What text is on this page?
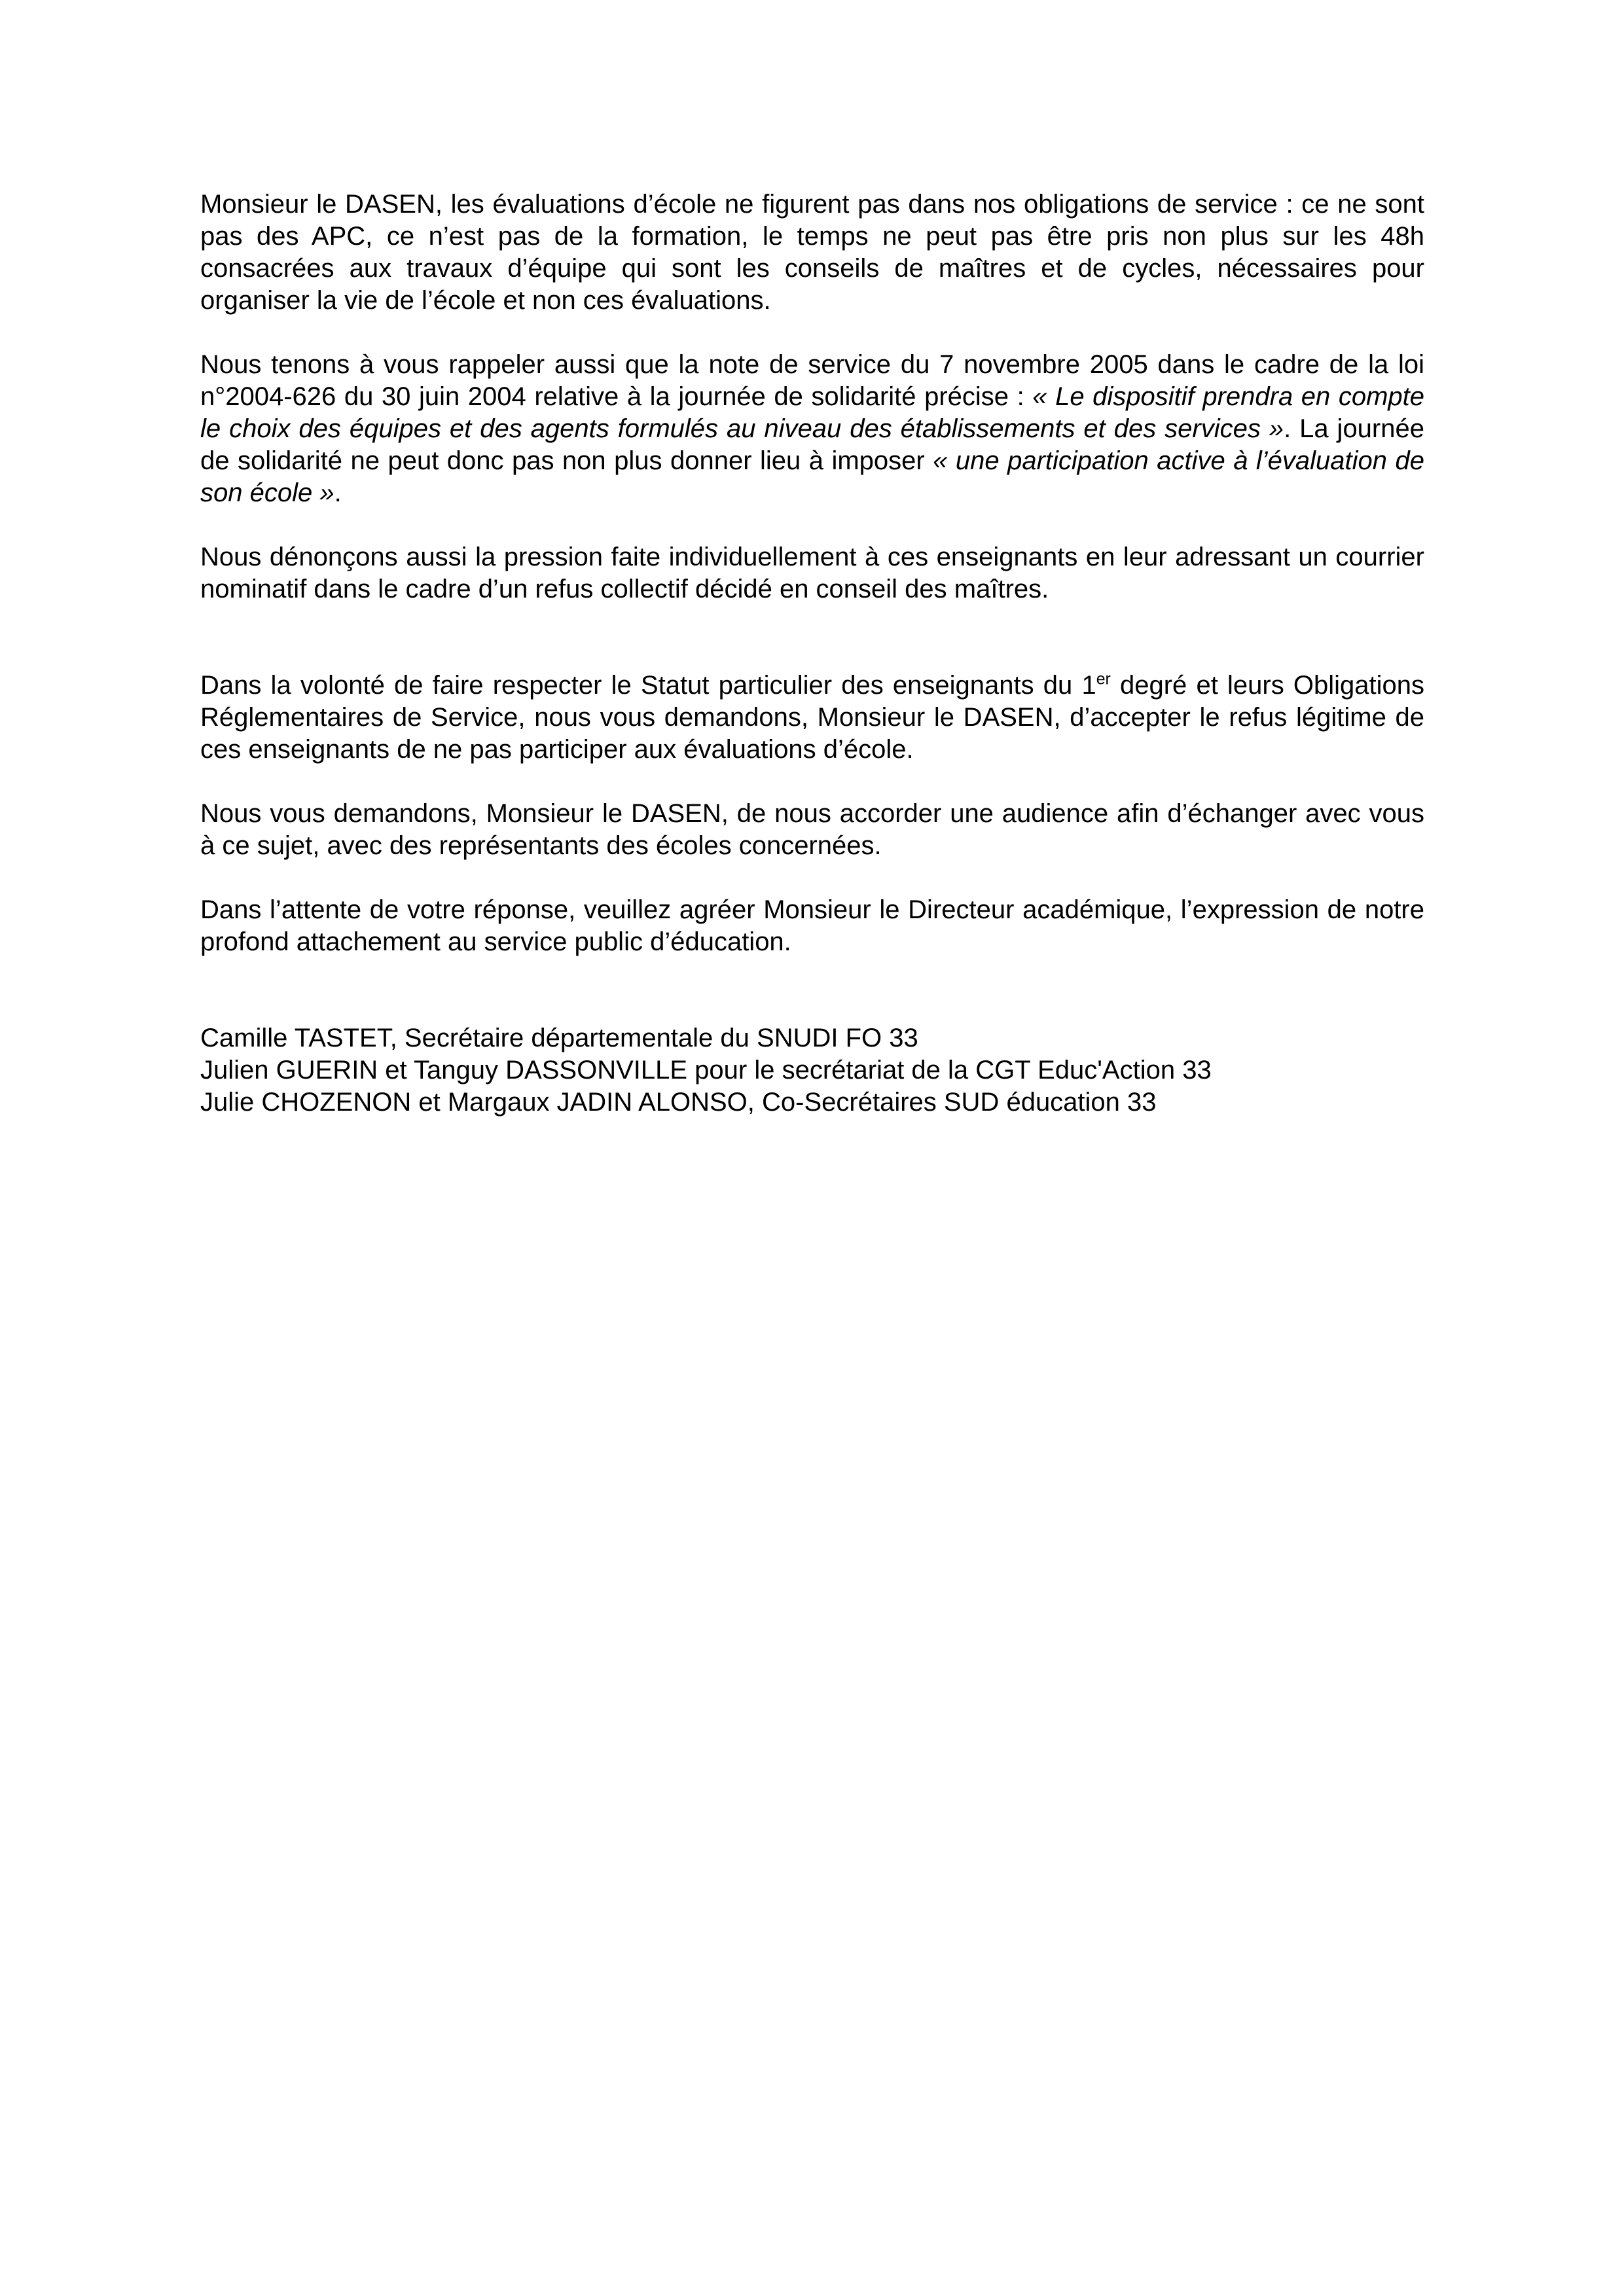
Monsieur le DASEN, les évaluations d’école ne figurent pas dans nos obligations de service : ce ne sont pas des APC, ce n’est pas de la formation, le temps ne peut pas être pris non plus sur les 48h consacrées aux travaux d’équipe qui sont les conseils de maîtres et de cycles, nécessaires pour organiser la vie de l’école et non ces évaluations.

Nous tenons à vous rappeler aussi que la note de service du 7 novembre 2005 dans le cadre de la loi n°2004-626 du 30 juin 2004 relative à la journée de solidarité précise : « Le dispositif prendra en compte le choix des équipes et des agents formulés au niveau des établissements et des services ». La journée de solidarité ne peut donc pas non plus donner lieu à imposer « une participation active à l’évaluation de son école ».

Nous dénonçons aussi la pression faite individuellement à ces enseignants en leur adressant un courrier nominatif dans le cadre d’un refus collectif décidé en conseil des maîtres.

Dans la volonté de faire respecter le Statut particulier des enseignants du 1er degré et leurs Obligations Réglementaires de Service, nous vous demandons, Monsieur le DASEN, d’accepter le refus légitime de ces enseignants de ne pas participer aux évaluations d’école.

Nous vous demandons, Monsieur le DASEN, de nous accorder une audience afin d’échanger avec vous à ce sujet, avec des représentants des écoles concernées.

Dans l’attente de votre réponse, veuillez agréer Monsieur le Directeur académique, l’expression de notre profond attachement au service public d’éducation.

Camille TASTET, Secrétaire départementale du SNUDI FO 33

Julien GUERIN et Tanguy DASSONVILLE pour le secrétariat de la CGT Educ'Action 33

Julie CHOZENON et Margaux JADIN ALONSO, Co-Secrétaires SUD éducation 33
